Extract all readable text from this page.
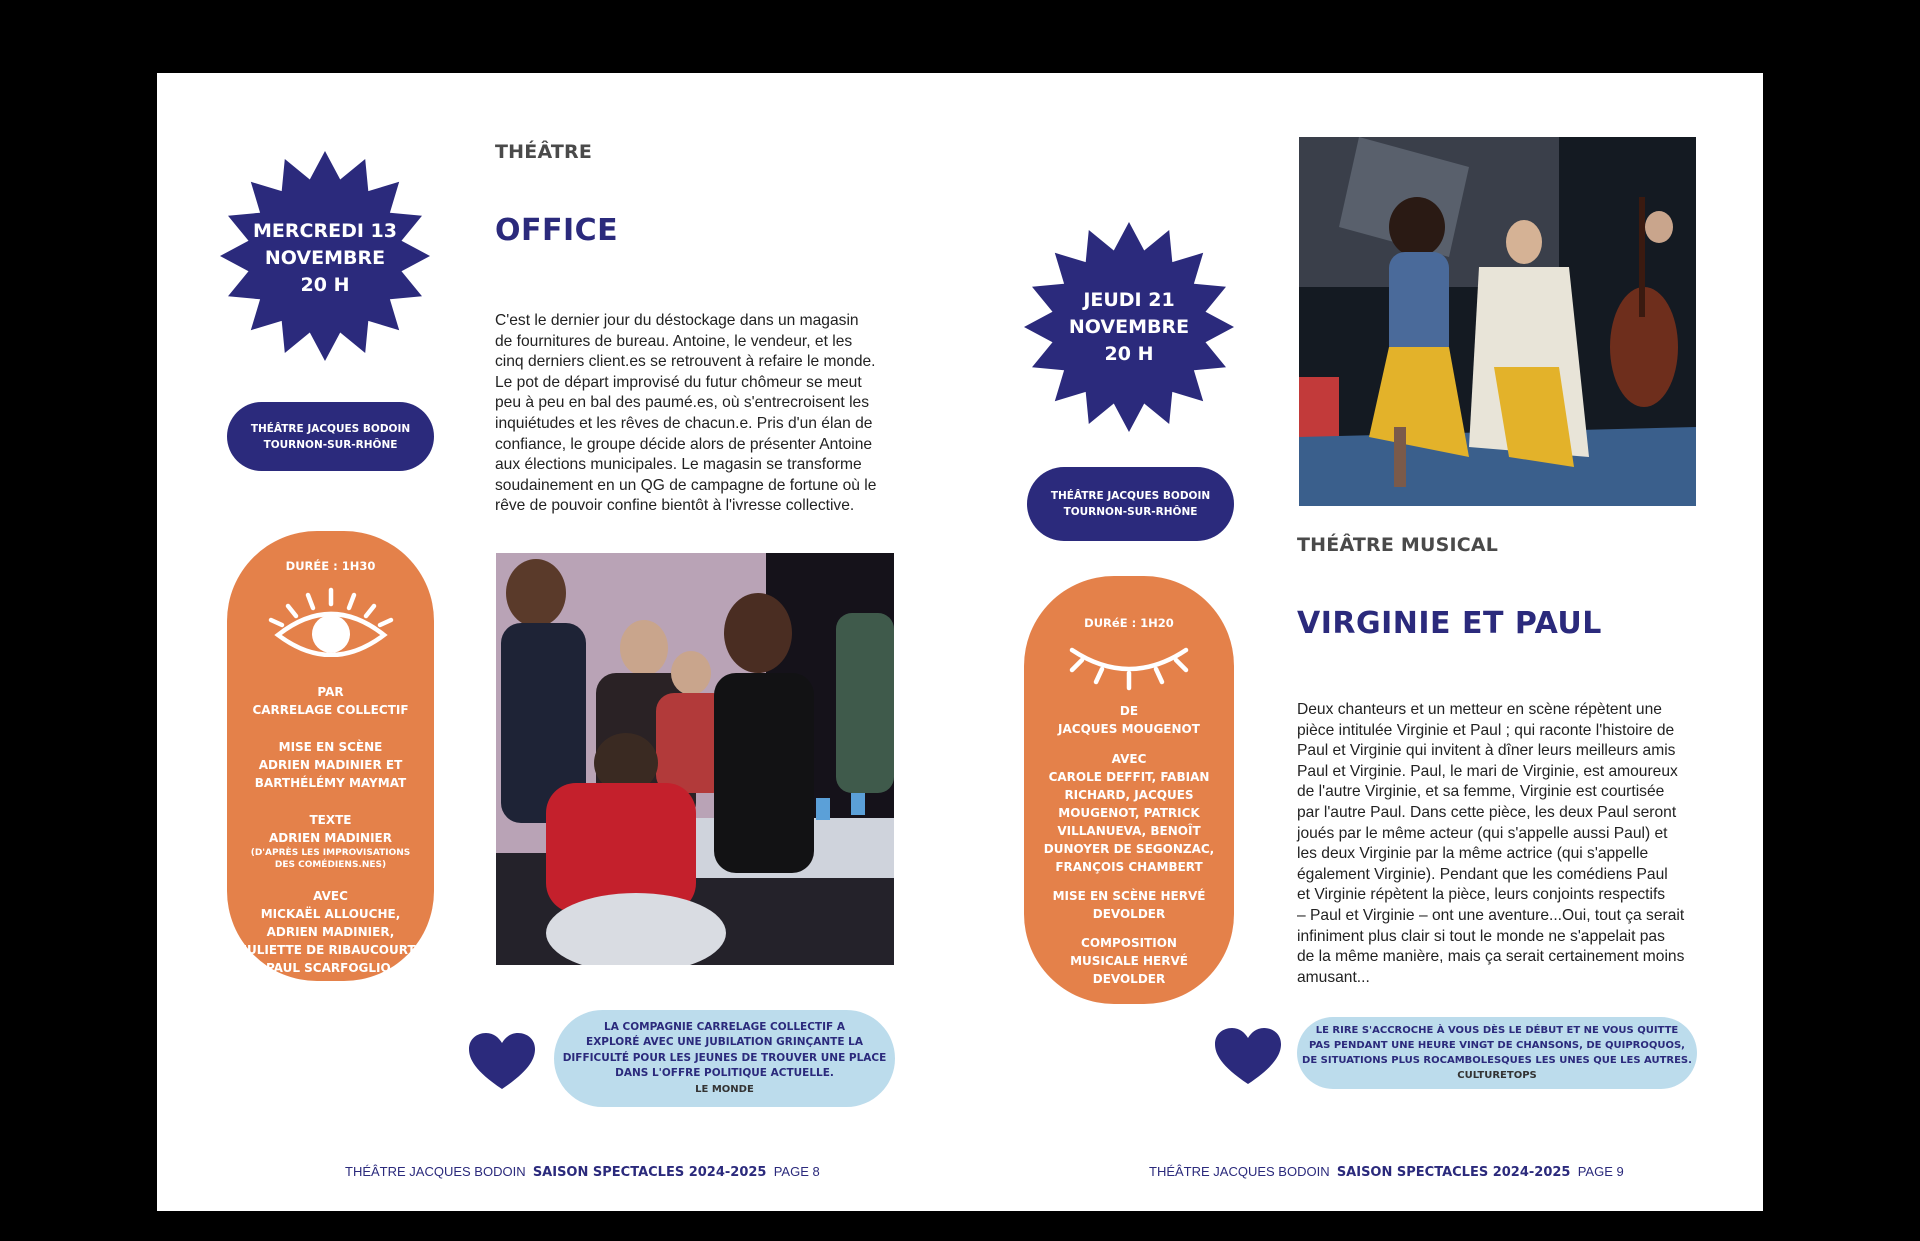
THÉÂTRE
OFFICE
MERCREDI 13
NOVEMBRE
20 H
THÉÂTRE JACQUES BODOIN
TOURNON-SUR-RHÔNE
DURÉE : 1H30
PAR
CARRELAGE COLLECTIF
MISE EN SCÈNE
ADRIEN MADINIER ET
BARTHÉLÉMY MAYMAT
TEXTE
ADRIEN MADINIER
(D'APRÈS LES IMPROVISATIONS
DES COMÉDIENS.NES)
AVEC
MICKAËL ALLOUCHE,
ADRIEN MADINIER,
JULIETTE DE RIBAUCOURT,
PAUL SCARFOGLIO,
GIULIA DE SIA, JULIEN
SICOT.
C'est le dernier jour du déstockage dans un magasin
de fournitures de bureau. Antoine, le vendeur, et les
cinq derniers client.es se retrouvent à refaire le monde.
Le pot de départ improvisé du futur chômeur se meut
peu à peu en bal des paumé.es, où s'entrecroisent les
inquiétudes et les rêves de chacun.e. Pris d'un élan de
confiance, le groupe décide alors de présenter Antoine
aux élections municipales. Le magasin se transforme
soudainement en un QG de campagne de fortune où le
rêve de pouvoir confine bientôt à l'ivresse collective.
LA COMPAGNIE CARRELAGE COLLECTIF A
EXPLORÉ AVEC UNE JUBILATION GRINÇANTE LA
DIFFICULTÉ POUR LES JEUNES DE TROUVER UNE PLACE
DANS L'OFFRE POLITIQUE ACTUELLE.
LE MONDE
THÉÂTRE JACQUES BODOIN SAISON SPECTACLES 2024-2025 PAGE 8
THÉÂTRE MUSICAL
VIRGINIE ET PAUL
JEUDI 21
NOVEMBRE
20 H
THÉÂTRE JACQUES BODOIN
TOURNON-SUR-RHÔNE
DURéE : 1H20
DE
JACQUES MOUGENOT
AVEC
CAROLE DEFFIT, FABIAN
RICHARD, JACQUES
MOUGENOT, PATRICK
VILLANUEVA, BENOÎT
DUNOYER DE SEGONZAC,
FRANÇOIS CHAMBERT
MISE EN SCÈNE HERVÉ
DEVOLDER
COMPOSITION
MUSICALE HERVÉ
DEVOLDER
Deux chanteurs et un metteur en scène répètent une
pièce intitulée Virginie et Paul ; qui raconte l'histoire de
Paul et Virginie qui invitent à dîner leurs meilleurs amis
Paul et Virginie. Paul, le mari de Virginie, est amoureux
de l'autre Virginie, et sa femme, Virginie est courtisée
par l'autre Paul. Dans cette pièce, les deux Paul seront
joués par le même acteur (qui s'appelle aussi Paul) et
les deux Virginie par la même actrice (qui s'appelle
également Virginie). Pendant que les comédiens Paul
et Virginie répètent la pièce, leurs conjoints respectifs
– Paul et Virginie – ont une aventure...Oui, tout ça serait
infiniment plus clair si tout le monde ne s'appelait pas
de la même manière, mais ça serait certainement moins
amusant...
LE RIRE S'ACCROCHE À VOUS DÈS LE DÉBUT ET NE VOUS QUITTE
PAS PENDANT UNE HEURE VINGT DE CHANSONS, DE QUIPROQUOS,
DE SITUATIONS PLUS ROCAMBOLESQUES LES UNES QUE LES AUTRES.
CULTURETOPS
THÉÂTRE JACQUES BODOIN SAISON SPECTACLES 2024-2025 PAGE 9
